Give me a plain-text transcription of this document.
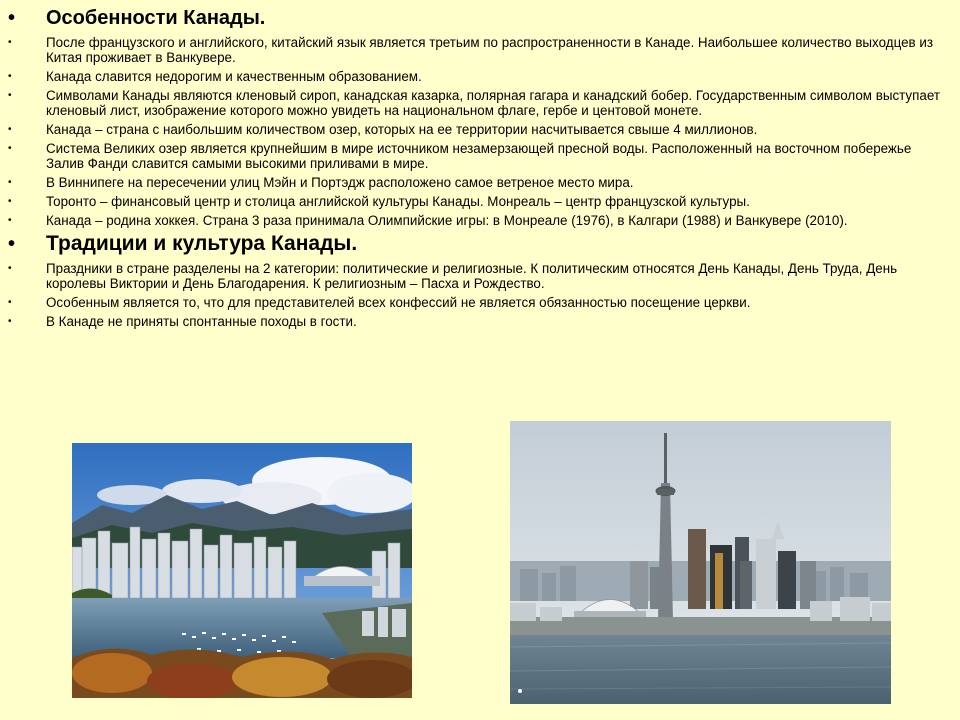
• Особенности Канады.
•	После французского и английского, китайский язык является третьим по распространенности в Канаде. Наибольшее количество выходцев из Китая проживает в Ванкувере.
•	Канада славится недорогим и качественным образованием.
•	Символами Канады являются кленовый сироп, канадская казарка, полярная гагара и канадский бобер. Государственным символом выступает кленовый лист, изображение которого можно увидеть на национальном флаге, гербе и центовой монете.
•	Канада – страна с наибольшим количеством озер, которых на ее территории насчитывается свыше 4 миллионов.
•	Система Великих озер является крупнейшим в мире источником незамерзающей пресной воды. Расположенный на восточном побережье Залив Фанди славится самыми высокими приливами в мире.
•	В Виннипеге на пересечении улиц Мэйн и Портэдж расположено самое ветреное место мира.
•	Торонто – финансовый центр и столица английской культуры Канады. Монреаль – центр французской культуры.
•	Канада – родина хоккея. Страна 3 раза принимала Олимпийские игры: в Монреале (1976), в Калгари (1988) и Ванкувере (2010).
• Традиции и культура Канады.
•	Праздники в стране разделены на 2 категории: политические и религиозные. К политическим относятся День Канады, День Труда, День королевы Виктории и День Благодарения. К религиозным – Пасха и Рождество.
•	Особенным является то, что для представителей всех конфессий не является обязанностью посещение церкви.
•	В Канаде не приняты спонтанные походы в гости.
